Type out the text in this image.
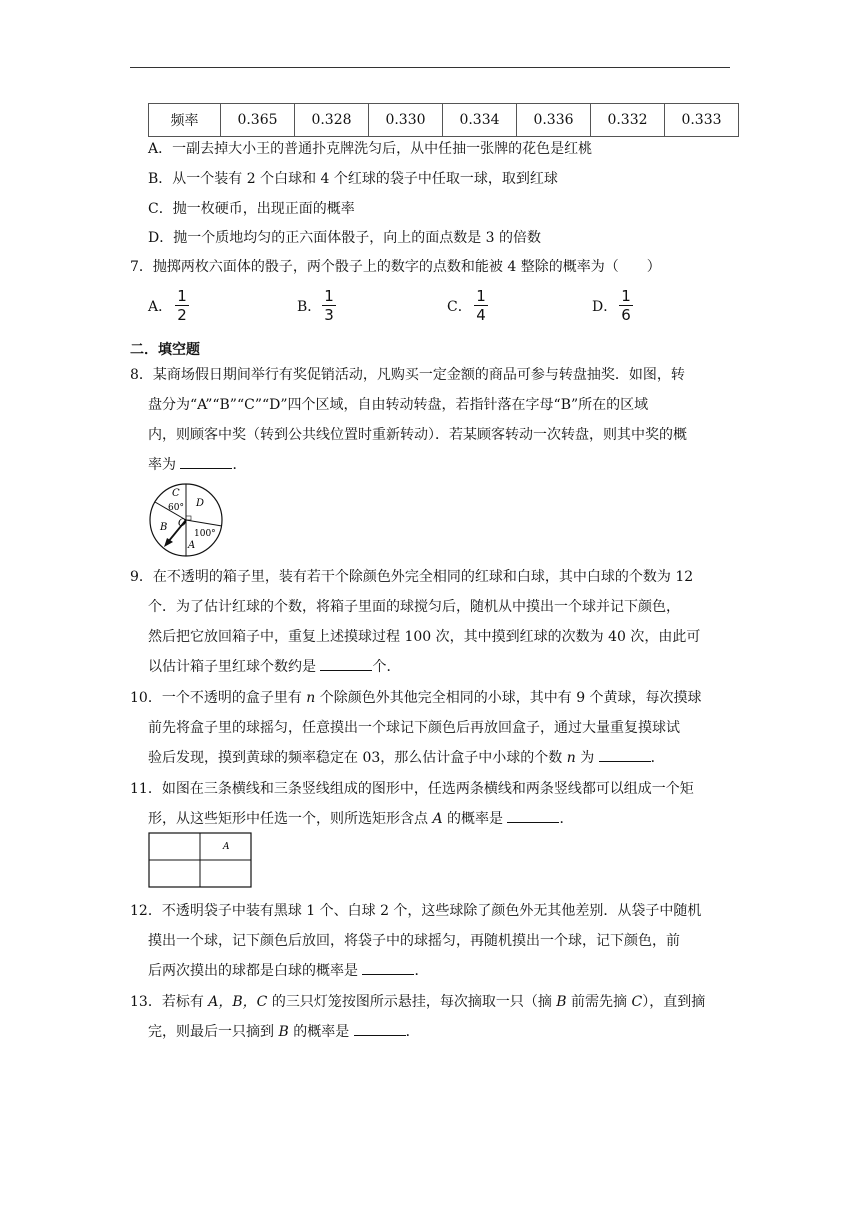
频率	0.365	0.328	0.330	0.334	0.336	0.332	0.333
A．一副去掉大小王的普通扑克牌洗匀后，从中任抽一张牌的花色是红桃
B．从一个装有 2 个白球和 4 个红球的袋子中任取一球，取到红球
C．抛一枚硬币，出现正面的概率
D．抛一个质地均匀的正六面体骰子，向上的面点数是 3 的倍数
7．抛掷两枚六面体的骰子，两个骰子上的数字的点数和能被 4 整除的概率为（　　）
A．
1
2	B．
1
3	C．
1
4	D．
1
6
二．填空题
8．某商场假日期间举行有奖促销活动，凡购买一定金额的商品可参与转盘抽奖．如图，转
盘分为“A”“B”“C”“D”四个区域，自由转动转盘，若指针落在字母“B”所在的区域
内，则顾客中奖（转到公共线位置时重新转动）．若某顾客转动一次转盘，则其中奖的概
率为	．
C
60° D
B O
100°
A
9．在不透明的箱子里，装有若干个除颜色外完全相同的红球和白球，其中白球的个数为 12
个．为了估计红球的个数，将箱子里面的球搅匀后，随机从中摸出一个球并记下颜色，
然后把它放回箱子中，重复上述摸球过程 100 次，其中摸到红球的次数为 40 次，由此可
以估计箱子里红球个数约是	个．
10．一个不透明的盒子里有 n 个除颜色外其他完全相同的小球，其中有 9 个黄球，每次摸球
前先将盒子里的球摇匀，任意摸出一个球记下颜色后再放回盒子，通过大量重复摸球试
验后发现，摸到黄球的频率稳定在 03，那么估计盒子中小球的个数 n 为	．
11．如图在三条横线和三条竖线组成的图形中，任选两条横线和两条竖线都可以组成一个矩
形，从这些矩形中任选一个，则所选矩形含点 A 的概率是	．
A
12．不透明袋子中装有黑球 1 个、白球 2 个，这些球除了颜色外无其他差别．从袋子中随机
摸出一个球，记下颜色后放回，将袋子中的球摇匀，再随机摸出一个球，记下颜色，前
后两次摸出的球都是白球的概率是	．
13．若标有 A，B，C 的三只灯笼按图所示悬挂，每次摘取一只（摘 B 前需先摘 C），直到摘
完，则最后一只摘到 B 的概率是	．
